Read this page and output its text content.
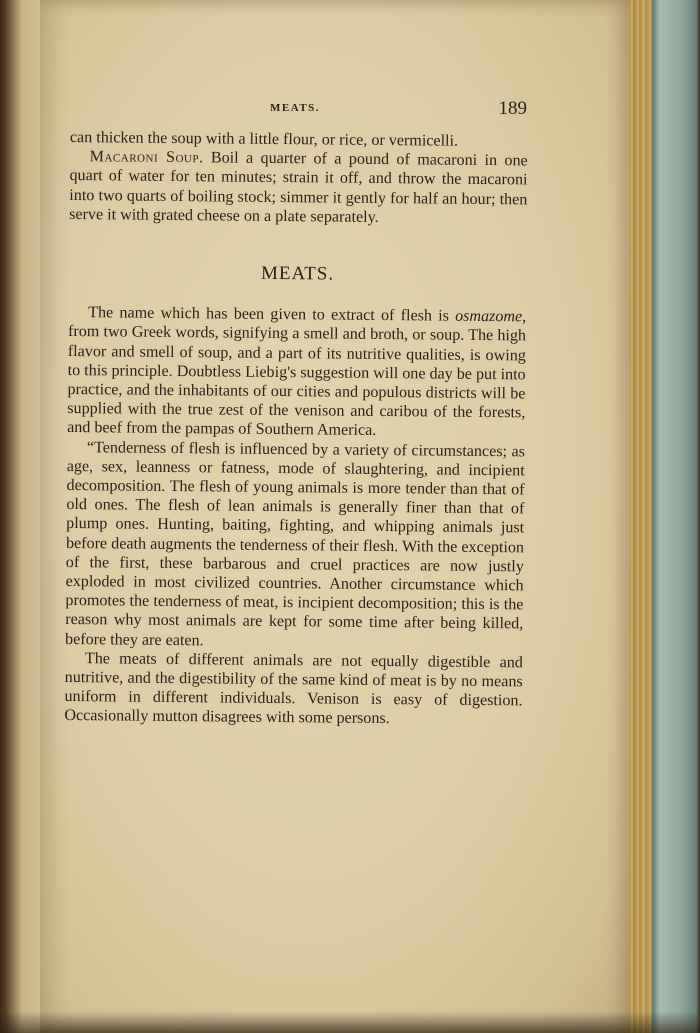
MEATS.	189

can thicken the soup with a little flour, or rice, or vermicelli.

Macaroni Soup. Boil a quarter of a pound of macaroni in one quart of water for ten minutes; strain it off, and throw the macaroni into two quarts of boiling stock; simmer it gently for half an hour; then serve it with grated cheese on a plate separately.

MEATS.

The name which has been given to extract of flesh is osmazome, from two Greek words, signifying a smell and broth, or soup. The high flavor and smell of soup, and a part of its nutritive qualities, is owing to this principle. Doubtless Liebig's suggestion will one day be put into practice, and the inhabitants of our cities and populous districts will be supplied with the true zest of the venison and caribou of the forests, and beef from the pampas of Southern America.

“Tenderness of flesh is influenced by a variety of circumstances; as age, sex, leanness or fatness, mode of slaughtering, and incipient decomposition. The flesh of young animals is more tender than that of old ones. The flesh of lean animals is generally finer than that of plump ones. Hunting, baiting, fighting, and whipping animals just before death augments the tenderness of their flesh. With the exception of the first, these barbarous and cruel practices are now justly exploded in most civilized countries. Another circumstance which promotes the tenderness of meat, is incipient decomposition; this is the reason why most animals are kept for some time after being killed, before they are eaten.

The meats of different animals are not equally digestible and nutritive, and the digestibility of the same kind of meat is by no means uniform in different individuals. Venison is easy of digestion. Occasionally mutton disagrees with some persons.
